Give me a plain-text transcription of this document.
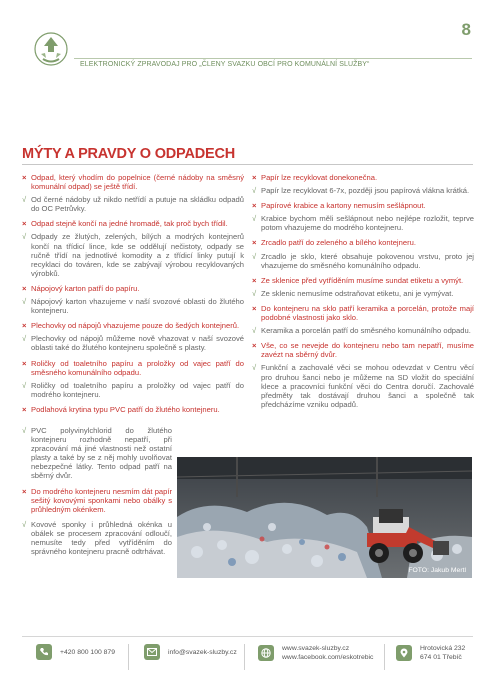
8
ELEKTRONICKÝ ZPRAVODAJ PRO „ČLENY SVAZKU OBCÍ PRO KOMUNÁLNÍ SLUŽBY“
MÝTY A PRAVDY O ODPADECH
× Odpad, který vhodím do popelnice (černé nádoby na směsný komunální odpad) se ještě třídí.
√ Od černé nádoby už nikdo netřídí a putuje na skládku odpadů do OC Petrůvky.
× Odpad stejně končí na jedné hromadě, tak proč bych třídil.
√ Odpady ze žlutých, zelených, bílých a modrých kontejnerů končí na třídicí lince, kde se oddělují nečistoty, odpady se ručně třídí na jednotlivé komodity a z třídicí linky putují k recyklaci do továren, kde se zabývají výrobou recyklovaných výrobků.
× Nápojový karton patří do papíru.
√ Nápojový karton vhazujeme v naší svozové oblasti do žlutého kontejneru.
× Plechovky od nápojů vhazujeme pouze do šedých kontejnerů.
√ Plechovky od nápojů můžeme nově vhazovat v naší svozové oblasti také do žlutého kontejneru společně s plasty.
× Roličky od toaletního papíru a proložky od vajec patří do směsného komunálního odpadu.
√ Roličky od toaletního papíru a proložky od vajec patří do modrého kontejneru.
× Podlahová krytina typu PVC patří do žlutého kontejneru.
√ PVC polyvinylchlorid do žlutého kontejneru rozhodně nepatří, při zpracování má jiné vlastnosti než ostatní plasty a také by se z něj mohly uvolňovat nebezpečné látky. Tento odpad patří na sběrný dvůr.
× Do modrého kontejneru nesmím dát papír sešitý kovovými sponkami nebo obálky s průhledným okénkem.
√ Kovové sponky i průhledná okénka u obálek se procesem zpracování odloučí, nemusíte tedy před vytříděním do správného kontejneru pracně odtrhávat.
× Papír lze recyklovat donekonečna.
√ Papír lze recyklovat 6-7x, později jsou papírová vlákna krátká.
× Papírové krabice a kartony nemusím sešlápnout.
√ Krabice bychom měli sešlápnout nebo nejlépe rozložit, teprve potom vhazujeme do modrého kontejneru.
× Zrcadlo patří do zeleného a bílého kontejneru.
√ Zrcadlo je sklo, které obsahuje pokovenou vrstvu, proto jej vhazujeme do směsného komunálního odpadu.
× Ze sklenice před vytříděním musíme sundat etiketu a vymýt.
√ Ze sklenic nemusíme odstraňovat etiketu, ani je vymývat.
× Do kontejneru na sklo patří keramika a porcelán, protože mají podobné vlastnosti jako sklo.
√ Keramika a porcelán patří do směsného komunálního odpadu.
× Vše, co se nevejde do kontejneru nebo tam nepatří, musíme zavézt na sběrný dvůr.
√ Funkční a zachovalé věci se mohou odevzdat v Centru věcí pro druhou šanci nebo je můžeme na SD vložit do speciální klece a pracovníci funkční věci do Centra doručí. Zachovalé předměty tak dostávají druhou šanci a společně tak předcházíme vzniku odpadů.
FOTO: Jakub Mertl
+420 800 100 879	info@svazek-sluzby.cz	www.svazek-sluzby.cz
www.facebook.com/eskotrebic
Hrotovická 232
674 01 Třebíč
